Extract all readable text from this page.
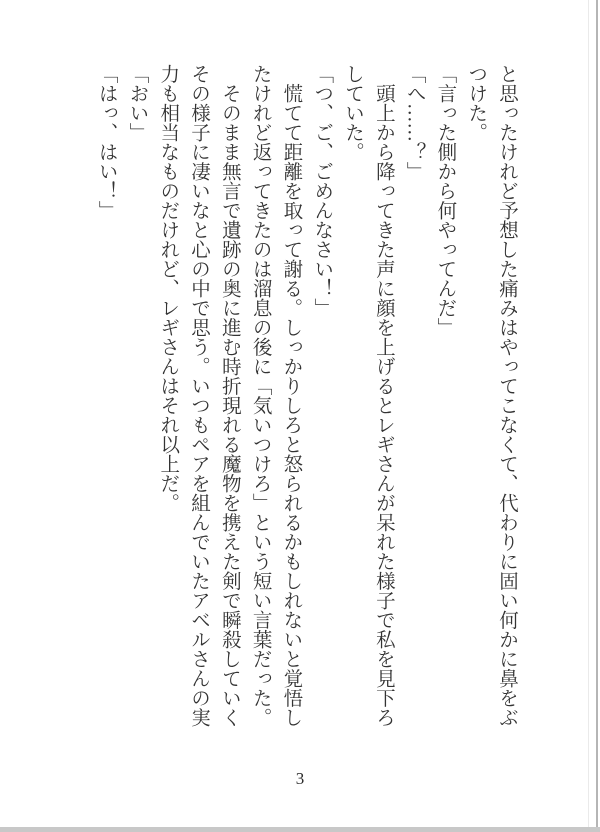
と思ったけれど予想した痛みはやってこなくて、代わりに固い何かに鼻をぶつけた。

「言った側から何やってんだ」

「へ……？」

　頭上から降ってきた声に顔を上げるとレギさんが呆れた様子で私を見下ろしていた。

「つ、ご、ごめんなさい！」

　慌てて距離を取って謝る。しっかりしろと怒られるかもしれないと覚悟したけれど返ってきたのは溜息の後に「気いつけろ」という短い言葉だった。

　そのまま無言で遺跡の奥に進む時折現れる魔物を携えた剣で瞬殺していくその様子に凄いなと心の中で思う。いつもペアを組んでいたアベルさんの実力も相当なものだけれど、レギさんはそれ以上だ。

「おい」

「はっ、はい！」

3
